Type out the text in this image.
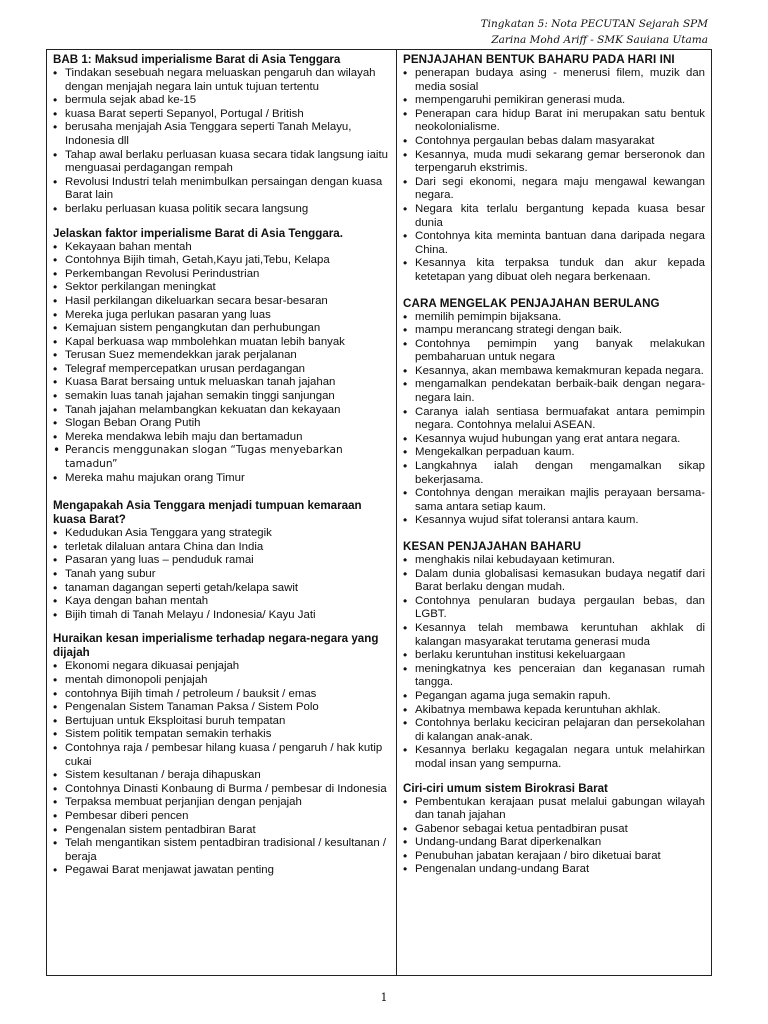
Tingkatan 5: Nota PECUTAN Sejarah SPM
Zarina Mohd Ariff - SMK Sauiana Utama
BAB 1: Maksud imperialisme Barat di Asia Tenggara
• Tindakan sesebuah negara meluaskan pengaruh dan wilayah dengan menjajah negara lain untuk tujuan tertentu
• bermula sejak abad ke-15
• kuasa Barat seperti Sepanyol, Portugal / British
• berusaha menjajah Asia Tenggara seperti Tanah Melayu, Indonesia dll
• Tahap awal berlaku perluasan kuasa secara tidak langsung iaitu menguasai perdagangan rempah
• Revolusi Industri telah menimbulkan persaingan dengan kuasa Barat lain
• berlaku perluasan kuasa politik secara langsung
Jelaskan faktor imperialisme Barat di Asia Tenggara.
• Kekayaan bahan mentah
• Contohnya Bijih timah, Getah,Kayu jati,Tebu, Kelapa
• Perkembangan Revolusi Perindustrian
• Sektor perkilangan meningkat
• Hasil perkilangan dikeluarkan secara besar-besaran
• Mereka juga perlukan pasaran yang luas
• Kemajuan sistem pengangkutan dan perhubungan
• Kapal berkuasa wap mmbolehkan muatan lebih banyak
• Terusan Suez memendekkan jarak perjalanan
• Telegraf mempercepatkan urusan perdagangan
• Kuasa Barat bersaing untuk meluaskan tanah jajahan
• semakin luas tanah jajahan semakin tinggi sanjungan
• Tanah jajahan melambangkan kekuatan dan kekayaan
• Slogan Beban Orang Putih
• Mereka mendakwa lebih maju dan bertamadun
• Perancis menggunakan slogan “Tugas menyebarkan tamadun”
• Mereka mahu majukan orang Timur
Mengapakah Asia Tenggara menjadi tumpuan kemaraan kuasa Barat?
• Kedudukan Asia Tenggara yang strategik
• terletak dilaluan antara China dan India
• Pasaran yang luas – penduduk ramai
• Tanah yang subur
• tanaman dagangan seperti getah/kelapa sawit
• Kaya dengan bahan mentah
• Bijih timah di Tanah Melayu / Indonesia/ Kayu Jati
Huraikan kesan imperialisme terhadap negara-negara yang dijajah
• Ekonomi negara dikuasai penjajah
• mentah dimonopoli penjajah
• contohnya Bijih timah / petroleum / bauksit / emas
• Pengenalan Sistem Tanaman Paksa / Sistem Polo
• Bertujuan untuk Eksploitasi buruh tempatan
• Sistem politik tempatan semakin terhakis
• Contohnya raja / pembesar hilang kuasa / pengaruh / hak kutip cukai
• Sistem kesultanan / beraja dihapuskan
• Contohnya Dinasti Konbaung di Burma / pembesar di Indonesia
• Terpaksa membuat perjanjian dengan penjajah
• Pembesar diberi pencen
• Pengenalan sistem pentadbiran Barat
• Telah mengantikan sistem pentadbiran tradisional / kesultanan / beraja
• Pegawai Barat menjawat jawatan penting
PENJAJAHAN BENTUK BAHARU PADA HARI INI
• penerapan budaya asing - menerusi filem, muzik dan media sosial
• mempengaruhi pemikiran generasi muda.
• Penerapan cara hidup Barat ini merupakan satu bentuk neokolonialisme.
• Contohnya pergaulan bebas dalam masyarakat
• Kesannya, muda mudi sekarang gemar berseronok dan terpengaruh ekstrimis.
• Dari segi ekonomi, negara maju mengawal kewangan negara.
• Negara kita terlalu bergantung kepada kuasa besar dunia
• Contohnya kita meminta bantuan dana daripada negara China.
• Kesannya kita terpaksa tunduk dan akur kepada ketetapan yang dibuat oleh negara berkenaan.
CARA MENGELAK PENJAJAHAN BERULANG
• memilih pemimpin bijaksana.
• mampu merancang strategi dengan baik.
• Contohnya pemimpin yang banyak melakukan pembaharuan untuk negara
• Kesannya, akan membawa kemakmuran kepada negara.
• mengamalkan pendekatan berbaik-baik dengan negara-negara lain.
• Caranya ialah sentiasa bermuafakat antara pemimpin negara. Contohnya melalui ASEAN.
• Kesannya wujud hubungan yang erat antara negara.
• Mengekalkan perpaduan kaum.
• Langkahnya ialah dengan mengamalkan sikap bekerjasama.
• Contohnya dengan meraikan majlis perayaan bersama-sama antara setiap kaum.
• Kesannya wujud sifat toleransi antara kaum.
KESAN PENJAJAHAN BAHARU
• menghakis nilai kebudayaan ketimuran.
• Dalam dunia globalisasi kemasukan budaya negatif dari Barat berlaku dengan mudah.
• Contohnya penularan budaya pergaulan bebas, dan LGBT.
• Kesannya telah membawa keruntuhan akhlak di kalangan masyarakat terutama generasi muda
• berlaku keruntuhan institusi kekeluargaan
• meningkatnya kes penceraian dan keganasan rumah tangga.
• Pegangan agama juga semakin rapuh.
• Akibatnya membawa kepada keruntuhan akhlak.
• Contohnya berlaku keciciran pelajaran dan persekolahan di kalangan anak-anak.
• Kesannya berlaku kegagalan negara untuk melahirkan modal insan yang sempurna.
Ciri-ciri umum sistem Birokrasi Barat
• Pembentukan kerajaan pusat melalui gabungan wilayah dan tanah jajahan
• Gabenor sebagai ketua pentadbiran pusat
• Undang-undang Barat diperkenalkan
• Penubuhan jabatan kerajaan / biro diketuai barat
• Pengenalan undang-undang Barat
1
